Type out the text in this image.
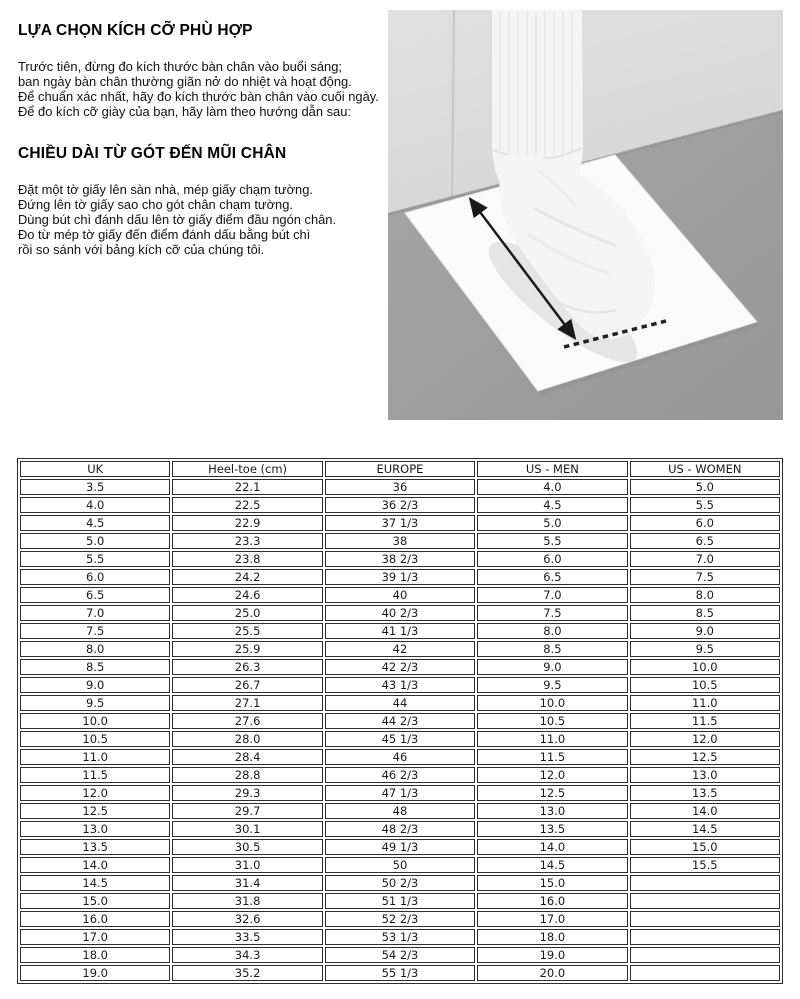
LỰA CHỌN KÍCH CỠ PHÙ HỢP
Trước tiên, đừng đo kích thước bàn chân vào buổi sáng;
ban ngày bàn chân thường giãn nở do nhiệt và hoạt động.
Để chuẩn xác nhất, hãy đo kích thước bàn chân vào cuối ngày.
Để đo kích cỡ giày của bạn, hãy làm theo hướng dẫn sau:
CHIỀU DÀI TỪ GÓT ĐẾN MŨI CHÂN
Đặt một tờ giấy lên sàn nhà, mép giấy chạm tường.
Đứng lên tờ giấy sao cho gót chân chạm tường.
Dùng bút chì đánh dấu lên tờ giấy điểm đầu ngón chân.
Đo từ mép tờ giấy đến điểm đánh dấu bằng bút chì
rồi so sánh với bảng kích cỡ của chúng tôi.
UK	Heel-toe (cm)	EUROPE	US - MEN	US - WOMEN
3.5	22.1	36	4.0	5.0
4.0	22.5	36 2/3	4.5	5.5
4.5	22.9	37 1/3	5.0	6.0
5.0	23.3	38	5.5	6.5
5.5	23.8	38 2/3	6.0	7.0
6.0	24.2	39 1/3	6.5	7.5
6.5	24.6	40	7.0	8.0
7.0	25.0	40 2/3	7.5	8.5
7.5	25.5	41 1/3	8.0	9.0
8.0	25.9	42	8.5	9.5
8.5	26.3	42 2/3	9.0	10.0
9.0	26.7	43 1/3	9.5	10.5
9.5	27.1	44	10.0	11.0
10.0	27.6	44 2/3	10.5	11.5
10.5	28.0	45 1/3	11.0	12.0
11.0	28.4	46	11.5	12.5
11.5	28.8	46 2/3	12.0	13.0
12.0	29.3	47 1/3	12.5	13.5
12.5	29.7	48	13.0	14.0
13.0	30.1	48 2/3	13.5	14.5
13.5	30.5	49 1/3	14.0	15.0
14.0	31.0	50	14.5	15.5
14.5	31.4	50 2/3	15.0	
15.0	31.8	51 1/3	16.0	
16.0	32.6	52 2/3	17.0	
17.0	33.5	53 1/3	18.0	
18.0	34.3	54 2/3	19.0	
19.0	35.2	55 1/3	20.0	
